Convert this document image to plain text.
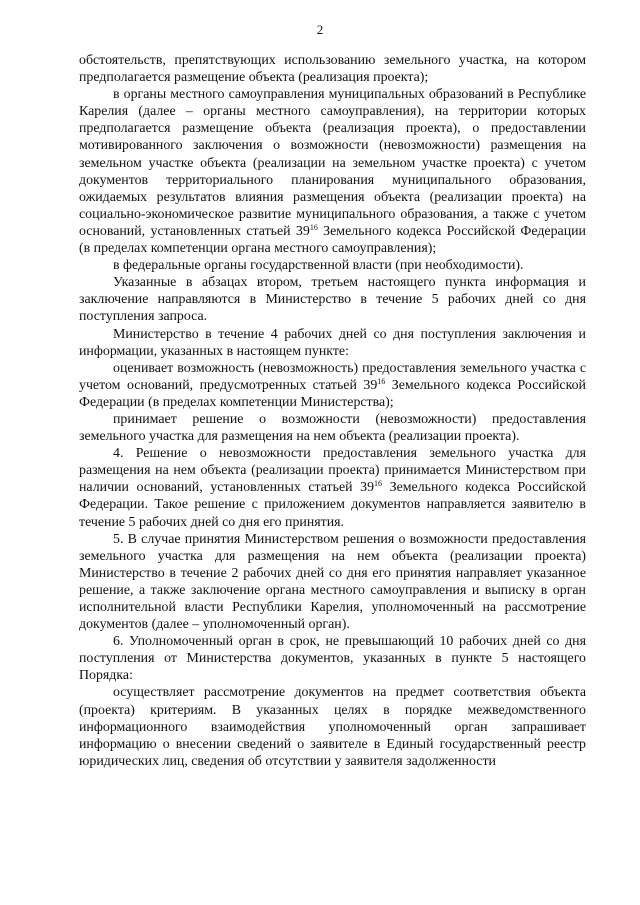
2

обстоятельств, препятствующих использованию земельного участка, на котором предполагается размещение объекта (реализация проекта);

в органы местного самоуправления муниципальных образований в Республике Карелия (далее – органы местного самоуправления), на территории которых предполагается размещение объекта (реализация проекта), о предоставлении мотивированного заключения о возможности (невозможности) размещения на земельном участке объекта (реализации на земельном участке проекта) с учетом документов территориального планирования муниципального образования, ожидаемых результатов влияния размещения объекта (реализации проекта) на социально-экономическое развитие муниципального образования, а также с учетом оснований, установленных статьей $39^{16}$ Земельного кодекса Российской Федерации (в пределах компетенции органа местного самоуправления);

в федеральные органы государственной власти (при необходимости).

Указанные в абзацах втором, третьем настоящего пункта информация и заключение направляются в Министерство в течение 5 рабочих дней со дня поступления запроса.

Министерство в течение 4 рабочих дней со дня поступления заключения и информации, указанных в настоящем пункте:

оценивает возможность (невозможность) предоставления земельного участка с учетом оснований, предусмотренных статьей $39^{16}$ Земельного кодекса Российской Федерации (в пределах компетенции Министерства);

принимает решение о возможности (невозможности) предоставления земельного участка для размещения на нем объекта (реализации проекта).

4. Решение о невозможности предоставления земельного участка для размещения на нем объекта (реализации проекта) принимается Министерством при наличии оснований, установленных статьей $39^{16}$ Земельного кодекса Российской Федерации. Такое решение с приложением документов направляется заявителю в течение 5 рабочих дней со дня его принятия.

5. В случае принятия Министерством решения о возможности предоставления земельного участка для размещения на нем объекта (реализации проекта) Министерство в течение 2 рабочих дней со дня его принятия направляет указанное решение, а также заключение органа местного самоуправления и выписку в орган исполнительной власти Республики Карелия, уполномоченный на рассмотрение документов (далее – уполномоченный орган).

6. Уполномоченный орган в срок, не превышающий 10 рабочих дней со дня поступления от Министерства документов, указанных в пункте 5 настоящего Порядка:

осуществляет рассмотрение документов на предмет соответствия объекта (проекта) критериям. В указанных целях в порядке межведомственного информационного взаимодействия уполномоченный орган запрашивает информацию о внесении сведений о заявителе в Единый государственный реестр юридических лиц, сведения об отсутствии у заявителя задолженности
